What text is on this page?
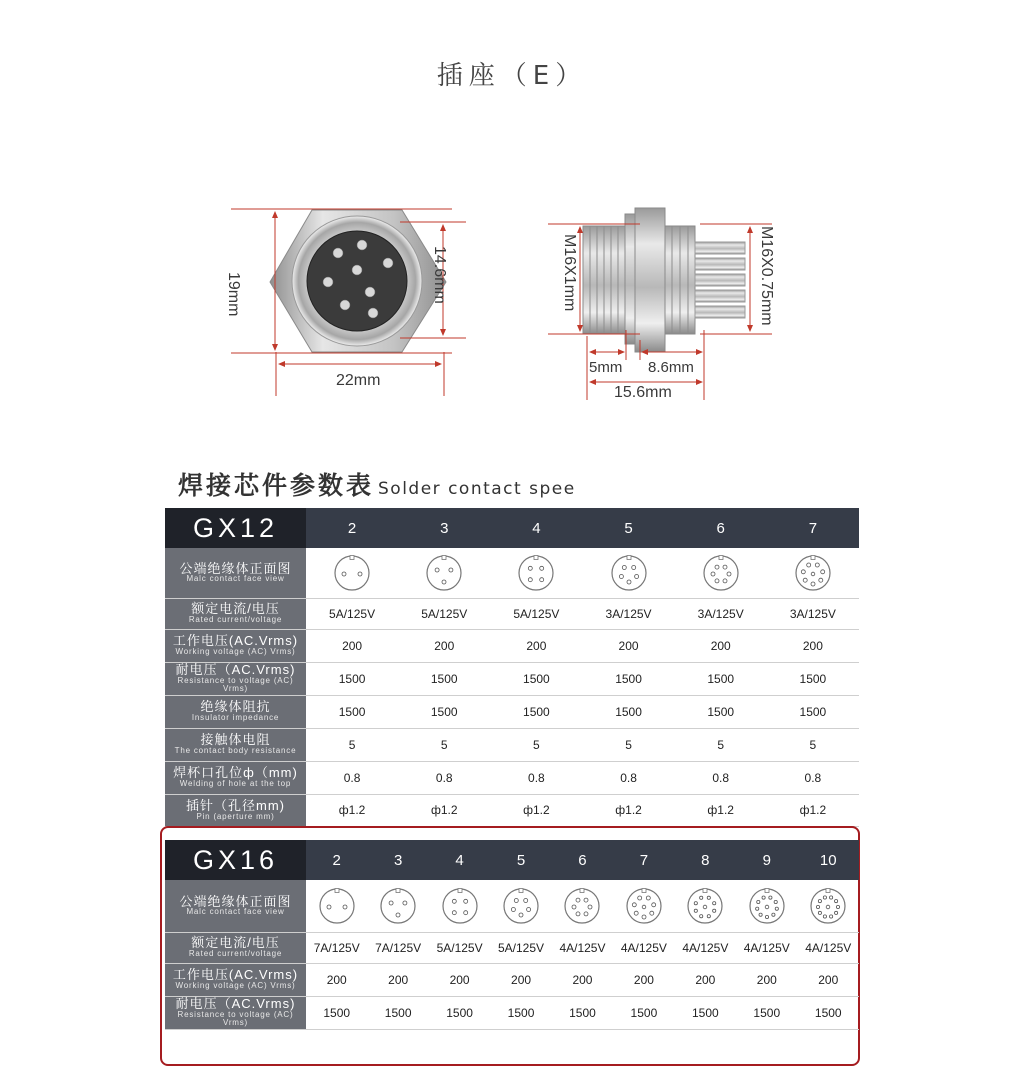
插座（E）
19mm	14.6mm
22mm
M16X1mm	M16X0.75mm
5mm 8.6mm
15.6mm
焊接芯件参数表 Solder contact spee
GX12	2	3	4	5	6	7

公端绝缘体正面图
Malc contact face view

额定电流/电压
Rated current/voltage	5A/125V	5A/125V	5A/125V	3A/125V	3A/125V	3A/125V

工作电压(AC.Vrms)
Working voltage (AC) Vrms)	200	200	200	200	200	200

耐电压（AC.Vrms)
Resistance to voltage (AC) Vrms)	1500	1500	1500	1500	1500	1500

绝缘体阻抗
Insulator impedance	1500	1500	1500	1500	1500	1500

接触体电阻
The contact body resistance	5	5	5	5	5	5

焊杯口孔位ф（mm)
Welding of hole at the top	0.8	0.8	0.8	0.8	0.8	0.8

插针（孔径mm)
Pin (aperture mm)	ф1.2	ф1.2	ф1.2	ф1.2	ф1.2	ф1.2
GX16	2	3	4	5	6	7	8	9	10

公端绝缘体正面图
Malc contact face view

额定电流/电压
Rated current/voltage	7A/125V	7A/125V	5A/125V	5A/125V	4A/125V	4A/125V	4A/125V	4A/125V	4A/125V

工作电压(AC.Vrms)
Working voltage (AC) Vrms)	200	200	200	200	200	200	200	200	200

耐电压（AC.Vrms)
Resistance to voltage (AC) Vrms)	1500	1500	1500	1500	1500	1500	1500	1500	1500
